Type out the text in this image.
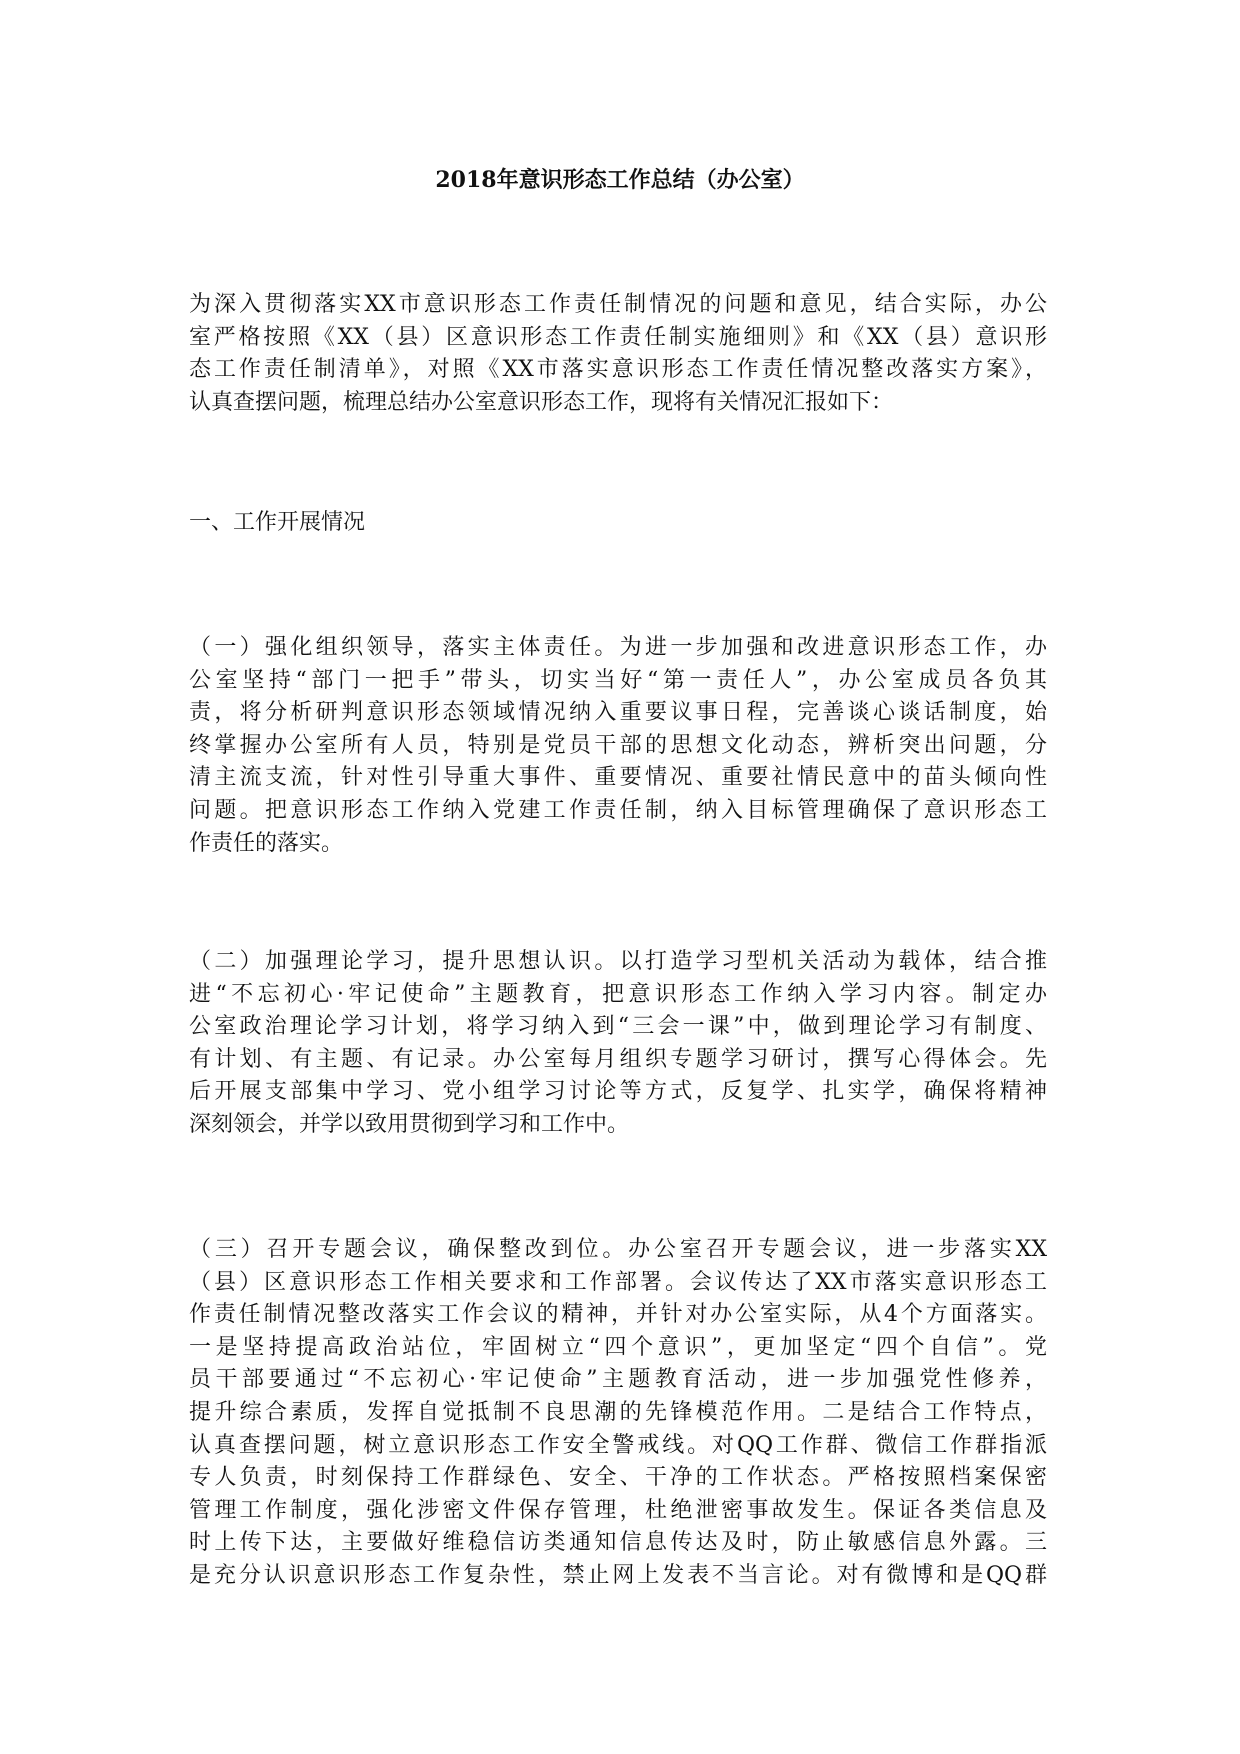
2018年意识形态工作总结（办公室）
为深入贯彻落实XX市意识形态工作责任制情况的问题和意见，结合实际，办公
室严格按照《XX（县）区意识形态工作责任制实施细则》和《XX（县）意识形
态工作责任制清单》，对照《XX市落实意识形态工作责任情况整改落实方案》，
认真查摆问题，梳理总结办公室意识形态工作，现将有关情况汇报如下：
一、工作开展情况
（一）强化组织领导，落实主体责任。为进一步加强和改进意识形态工作，办
公室坚持“部门一把手”带头，切实当好“第一责任人”，办公室成员各负其
责，将分析研判意识形态领域情况纳入重要议事日程，完善谈心谈话制度，始
终掌握办公室所有人员，特别是党员干部的思想文化动态，辨析突出问题，分
清主流支流，针对性引导重大事件、重要情况、重要社情民意中的苗头倾向性
问题。把意识形态工作纳入党建工作责任制，纳入目标管理确保了意识形态工
作责任的落实。
（二）加强理论学习，提升思想认识。以打造学习型机关活动为载体，结合推
进“不忘初心·牢记使命”主题教育，把意识形态工作纳入学习内容。制定办
公室政治理论学习计划，将学习纳入到“三会一课”中，做到理论学习有制度、
有计划、有主题、有记录。办公室每月组织专题学习研讨，撰写心得体会。先
后开展支部集中学习、党小组学习讨论等方式，反复学、扎实学，确保将精神
深刻领会，并学以致用贯彻到学习和工作中。
（三）召开专题会议，确保整改到位。办公室召开专题会议，进一步落实XX
（县）区意识形态工作相关要求和工作部署。会议传达了XX市落实意识形态工
作责任制情况整改落实工作会议的精神，并针对办公室实际，从4个方面落实。
一是坚持提高政治站位，牢固树立“四个意识”，更加坚定“四个自信”。党
员干部要通过“不忘初心·牢记使命”主题教育活动，进一步加强党性修养，
提升综合素质，发挥自觉抵制不良思潮的先锋模范作用。二是结合工作特点，
认真查摆问题，树立意识形态工作安全警戒线。对QQ工作群、微信工作群指派
专人负责，时刻保持工作群绿色、安全、干净的工作状态。严格按照档案保密
管理工作制度，强化涉密文件保存管理，杜绝泄密事故发生。保证各类信息及
时上传下达，主要做好维稳信访类通知信息传达及时，防止敏感信息外露。三
是充分认识意识形态工作复杂性，禁止网上发表不当言论。对有微博和是QQ群
